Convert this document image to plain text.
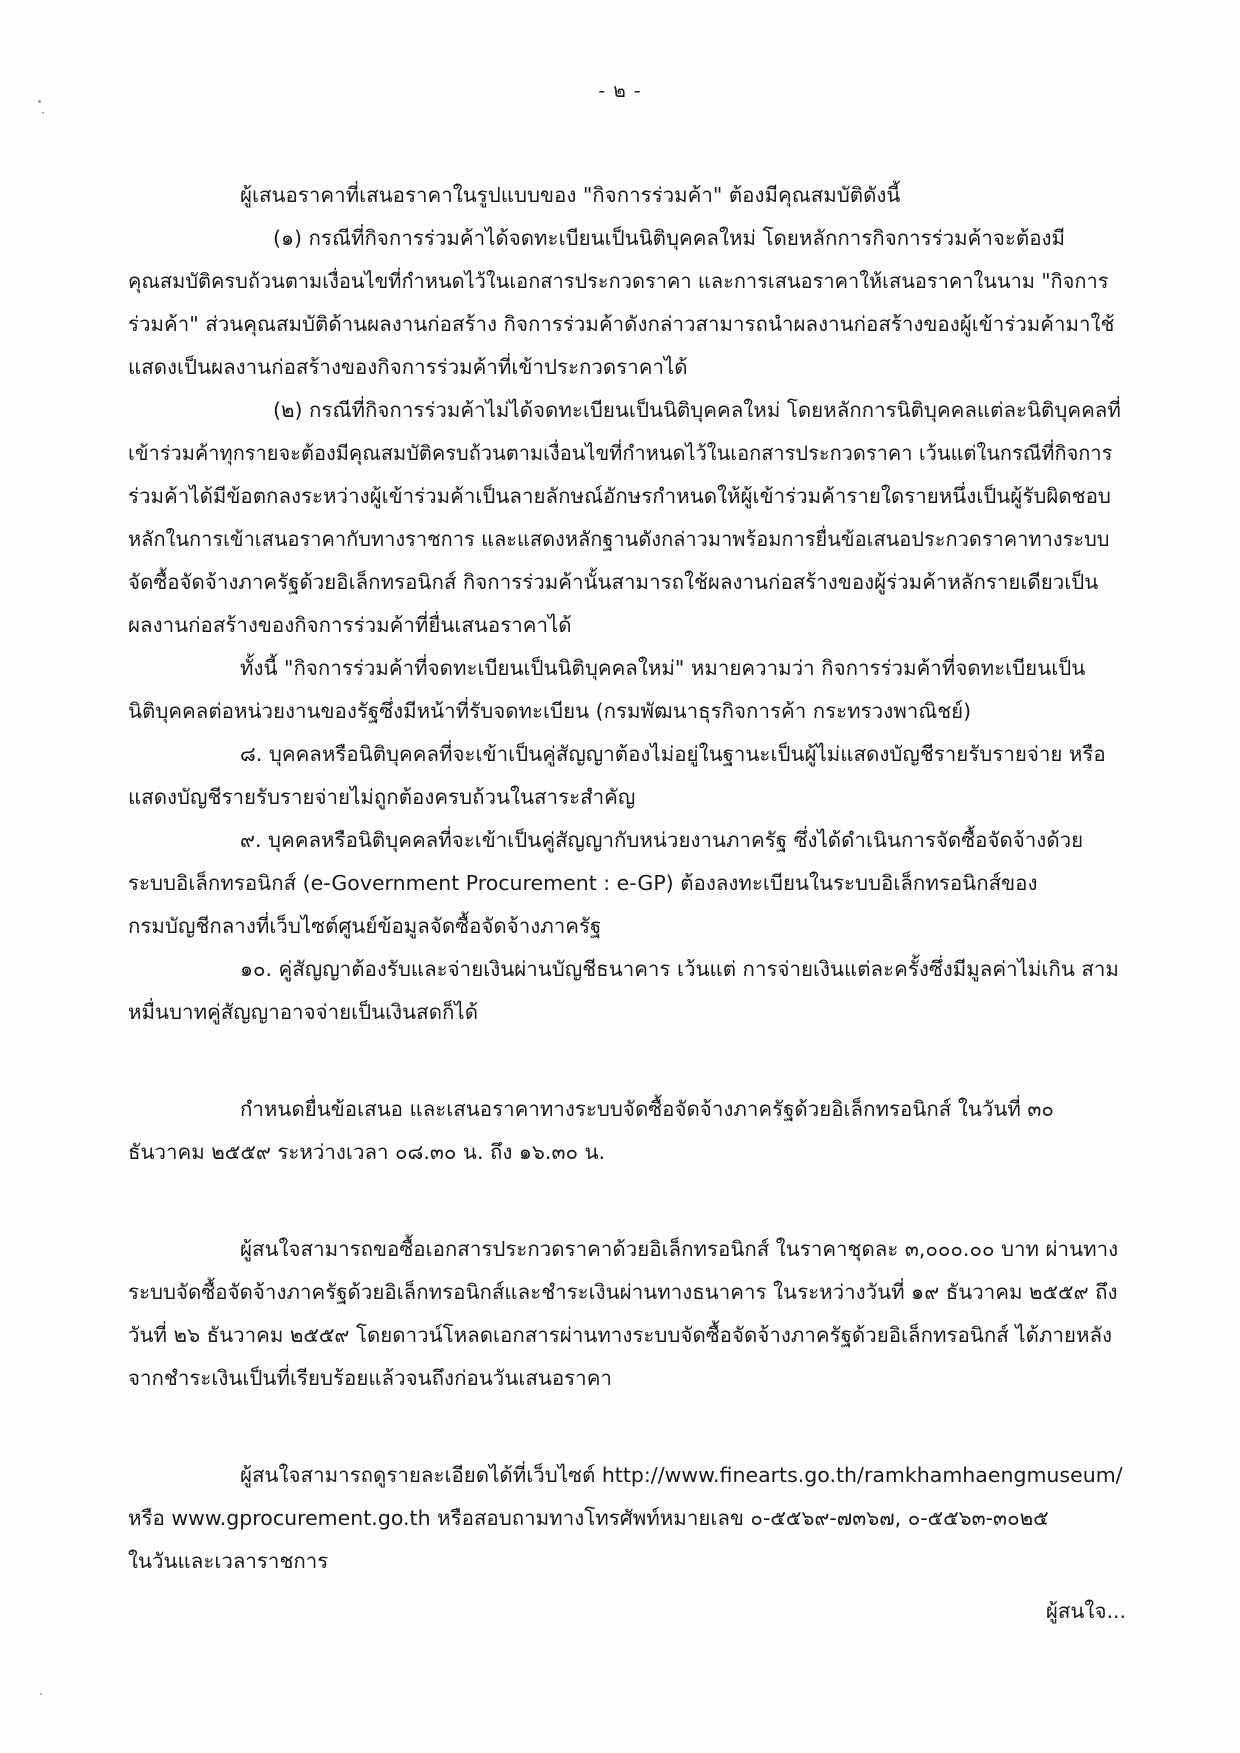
- ๒ -
ผู้เสนอราคาที่เสนอราคาในรูปแบบของ "กิจการร่วมค้า" ต้องมีคุณสมบัติดังนี้
(๑) กรณีที่กิจการร่วมค้าได้จดทะเบียนเป็นนิติบุคคลใหม่ โดยหลักการกิจการร่วมค้าจะต้องมี
คุณสมบัติครบถ้วนตามเงื่อนไขที่กำหนดไว้ในเอกสารประกวดราคา และการเสนอราคาให้เสนอราคาในนาม "กิจการ
ร่วมค้า" ส่วนคุณสมบัติด้านผลงานก่อสร้าง กิจการร่วมค้าดังกล่าวสามารถนำผลงานก่อสร้างของผู้เข้าร่วมค้ามาใช้
แสดงเป็นผลงานก่อสร้างของกิจการร่วมค้าที่เข้าประกวดราคาได้
(๒) กรณีที่กิจการร่วมค้าไม่ได้จดทะเบียนเป็นนิติบุคคลใหม่ โดยหลักการนิติบุคคลแต่ละนิติบุคคลที่
เข้าร่วมค้าทุกรายจะต้องมีคุณสมบัติครบถ้วนตามเงื่อนไขที่กำหนดไว้ในเอกสารประกวดราคา เว้นแต่ในกรณีที่กิจการ
ร่วมค้าได้มีข้อตกลงระหว่างผู้เข้าร่วมค้าเป็นลายลักษณ์อักษรกำหนดให้ผู้เข้าร่วมค้ารายใดรายหนึ่งเป็นผู้รับผิดชอบ
หลักในการเข้าเสนอราคากับทางราชการ และแสดงหลักฐานดังกล่าวมาพร้อมการยื่นข้อเสนอประกวดราคาทางระบบ
จัดซื้อจัดจ้างภาครัฐด้วยอิเล็กทรอนิกส์ กิจการร่วมค้านั้นสามารถใช้ผลงานก่อสร้างของผู้ร่วมค้าหลักรายเดียวเป็น
ผลงานก่อสร้างของกิจการร่วมค้าที่ยื่นเสนอราคาได้
ทั้งนี้ "กิจการร่วมค้าที่จดทะเบียนเป็นนิติบุคคลใหม่" หมายความว่า กิจการร่วมค้าที่จดทะเบียนเป็น
นิติบุคคลต่อหน่วยงานของรัฐซึ่งมีหน้าที่รับจดทะเบียน (กรมพัฒนาธุรกิจการค้า กระทรวงพาณิชย์)
๘. บุคคลหรือนิติบุคคลที่จะเข้าเป็นคู่สัญญาต้องไม่อยู่ในฐานะเป็นผู้ไม่แสดงบัญชีรายรับรายจ่าย หรือ
แสดงบัญชีรายรับรายจ่ายไม่ถูกต้องครบถ้วนในสาระสำคัญ
๙. บุคคลหรือนิติบุคคลที่จะเข้าเป็นคู่สัญญากับหน่วยงานภาครัฐ ซึ่งได้ดำเนินการจัดซื้อจัดจ้างด้วย
ระบบอิเล็กทรอนิกส์ (e-Government Procurement : e-GP) ต้องลงทะเบียนในระบบอิเล็กทรอนิกส์ของ
กรมบัญชีกลางที่เว็บไซต์ศูนย์ข้อมูลจัดซื้อจัดจ้างภาครัฐ
๑๐. คู่สัญญาต้องรับและจ่ายเงินผ่านบัญชีธนาคาร เว้นแต่ การจ่ายเงินแต่ละครั้งซึ่งมีมูลค่าไม่เกิน สาม
หมื่นบาทคู่สัญญาอาจจ่ายเป็นเงินสดก็ได้
กำหนดยื่นข้อเสนอ และเสนอราคาทางระบบจัดซื้อจัดจ้างภาครัฐด้วยอิเล็กทรอนิกส์ ในวันที่ ๓๐
ธันวาคม ๒๕๕๙ ระหว่างเวลา ๐๘.๓๐ น. ถึง ๑๖.๓๐ น.
ผู้สนใจสามารถขอซื้อเอกสารประกวดราคาด้วยอิเล็กทรอนิกส์ ในราคาชุดละ ๓,๐๐๐.๐๐ บาท ผ่านทาง
ระบบจัดซื้อจัดจ้างภาครัฐด้วยอิเล็กทรอนิกส์และชำระเงินผ่านทางธนาคาร ในระหว่างวันที่ ๑๙ ธันวาคม ๒๕๕๙ ถึง
วันที่ ๒๖ ธันวาคม ๒๕๕๙ โดยดาวน์โหลดเอกสารผ่านทางระบบจัดซื้อจัดจ้างภาครัฐด้วยอิเล็กทรอนิกส์ ได้ภายหลัง
จากชำระเงินเป็นที่เรียบร้อยแล้วจนถึงก่อนวันเสนอราคา
ผู้สนใจสามารถดูรายละเอียดได้ที่เว็บไซต์ http://www.finearts.go.th/ramkhamhaengmuseum/
หรือ www.gprocurement.go.th หรือสอบถามทางโทรศัพท์หมายเลข ๐-๕๕๖๙-๗๓๖๗, ๐-๕๕๖๓-๓๐๒๕
ในวันและเวลาราชการ
ผู้สนใจ...
